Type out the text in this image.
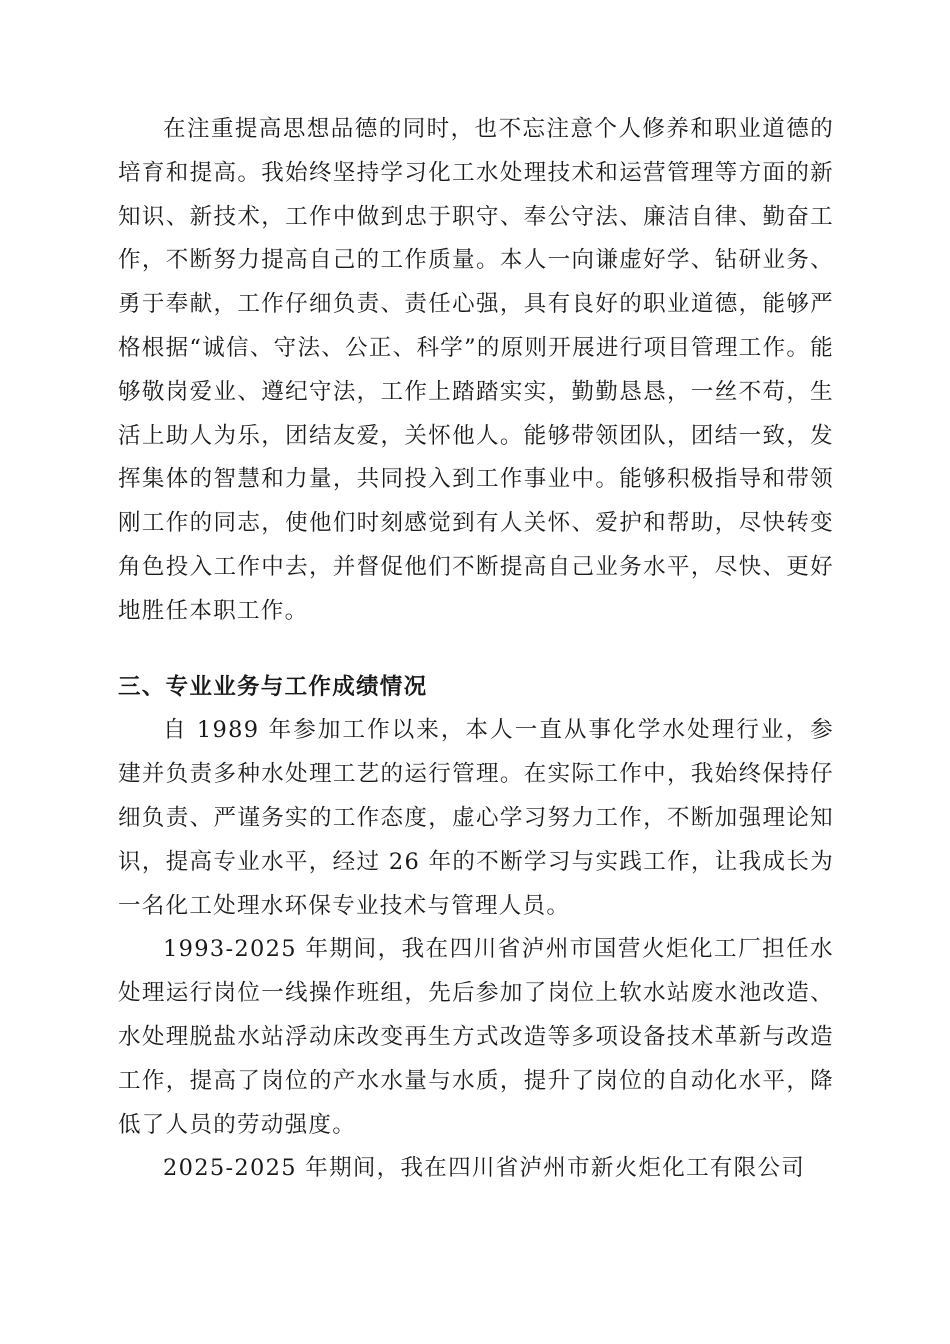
在注重提高思想品德的同时，也不忘注意个人修养和职业道德的培育和提高。我始终坚持学习化工水处理技术和运营管理等方面的新知识、新技术，工作中做到忠于职守、奉公守法、廉洁自律、勤奋工作，不断努力提高自己的工作质量。本人一向谦虚好学、钻研业务、勇于奉献，工作仔细负责、责任心强，具有良好的职业道德，能够严格根据“诚信、守法、公正、科学”的原则开展进行项目管理工作。能够敬岗爱业、遵纪守法，工作上踏踏实实，勤勤恳恳，一丝不苟，生活上助人为乐，团结友爱，关怀他人。能够带领团队，团结一致，发挥集体的智慧和力量，共同投入到工作事业中。能够积极指导和带领刚工作的同志，使他们时刻感觉到有人关怀、爱护和帮助，尽快转变角色投入工作中去，并督促他们不断提高自己业务水平，尽快、更好地胜任本职工作。

三、专业业务与工作成绩情况

自 1989 年参加工作以来，本人一直从事化学水处理行业，参建并负责多种水处理工艺的运行管理。在实际工作中，我始终保持仔细负责、严谨务实的工作态度，虚心学习努力工作，不断加强理论知识，提高专业水平，经过 26 年的不断学习与实践工作，让我成长为一名化工处理水环保专业技术与管理人员。

1993-2025 年期间，我在四川省泸州市国营火炬化工厂担任水处理运行岗位一线操作班组，先后参加了岗位上软水站废水池改造、水处理脱盐水站浮动床改变再生方式改造等多项设备技术革新与改造工作，提高了岗位的产水水量与水质，提升了岗位的自动化水平，降低了人员的劳动强度。

2025-2025 年期间，我在四川省泸州市新火炬化工有限公司
